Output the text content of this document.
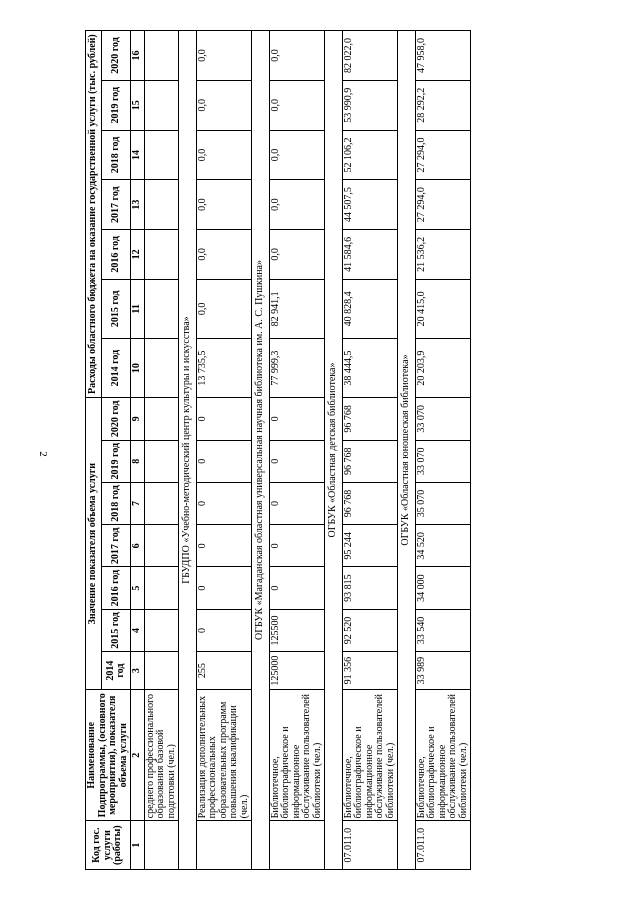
2
Код гос. услуги (работы)	Наименование Подпрограммы, (основного мероприятия), показателя объема услуги	Значение показателя объема услуги							Расходы областного бюджета на оказание государственной услуги (тыс. рублей)						
		2014 год	2015 год	2016 год	2017 год	2018 год	2019 год	2020 год	2014 год	2015 год	2016 год	2017 год	2018 год	2019 год	2020 год
1	2	3	4	5	6	7	8	9	10	11	12	13	14	15	16
	среднего профессионального образования базовой подготовки (чел.)														
ГБУДПО «Учебно-методический центр культуры и искусства»															
	Реализация дополнительных профессиональных образовательных программ повышения квалификации (чел.)	255	0	0	0	0	0	0	13 735,5	0,0	0,0	0,0	0,0	0,0	0,0
ОГБУК «Магаданская областная универсальная научная библиотека им. А. С. Пушкина»															
	Библиотечное, библиографическое и информационное обслуживание пользователей библиотеки (чел.)	125000	125500	0	0	0	0	0	77 999,3	82 941,1	0,0	0,0	0,0	0,0	0,0
ОГБУК «Областная детская библиотека»															
07.011.0	Библиотечное, библиографическое и информационное обслуживание пользователей библиотеки (чел.)	91 356	92 520	93 815	95 244	96 768	96 768	96 768	38 444,5	40 828,4	41 584,6	44 507,5	52 106,2	53 990,9	82 022,0
ОГБУК «Областная юношеская библиотека»															
07.011.0	Библиотечное, библиографическое и информационное обслуживание пользователей библиотеки (чел.)	33 989	33 540	34 000	34 520	35 070	33 070	33 070	20 203,9	20 415,0	21 536,2	27 294,0	27 294,0	28 292,2	47 958,0
